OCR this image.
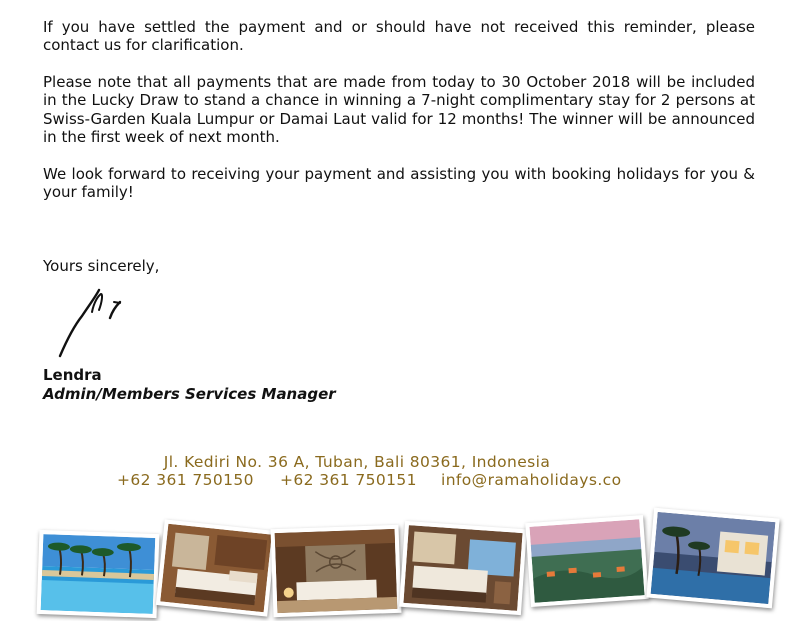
If you have settled the payment and or should have not received this reminder, please contact us for clarification.

Please note that all payments that are made from today to 30 October 2018 will be included in the Lucky Draw to stand a chance in winning a 7-night complimentary stay for 2 persons at Swiss-Garden Kuala Lumpur or Damai Laut valid for 12 months! The winner will be announced in the first week of next month.

We look forward to receiving your payment and assisting you with booking holidays for you & your family!

Yours sincerely,

Lendra

Admin/Members Services Manager

Jl. Kediri No. 36 A, Tuban, Bali 80361, Indonesia

+62 361 750150 +62 361 750151 info@ramaholidays.co
